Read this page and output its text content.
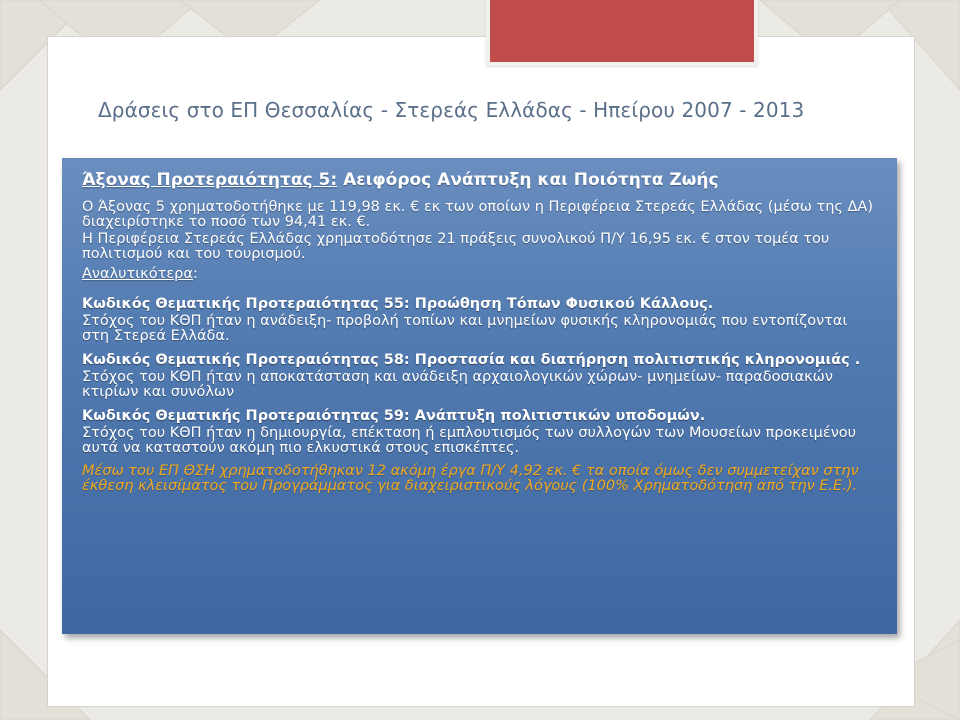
Δράσεις στο ΕΠ Θεσσαλίας - Στερεάς Ελλάδας - Ηπείρου 2007 - 2013
Άξονας Προτεραιότητας 5: Αειφόρος Ανάπτυξη και Ποιότητα Ζωής
Ο Άξονας 5 χρηματοδοτήθηκε με 119,98 εκ. € εκ των οποίων η Περιφέρεια Στερεάς Ελλάδας (μέσω της ΔΑ) διαχειρίστηκε το ποσό των 94,41 εκ. €.
Η Περιφέρεια Στερεάς Ελλάδας χρηματοδότησε 21 πράξεις συνολικού Π/Υ 16,95 εκ. € στον τομέα του πολιτισμού και του τουρισμού.
Αναλυτικότερα:
Κωδικός Θεματικής Προτεραιότητας 55: Προώθηση Τόπων Φυσικού Κάλλους.
Στόχος του ΚΘΠ ήταν η ανάδειξη- προβολή τοπίων και μνημείων φυσικής κληρονομιάς που εντοπίζονται στη Στερεά Ελλάδα.
Κωδικός Θεματικής Προτεραιότητας 58: Προστασία και διατήρηση πολιτιστικής κληρονομιάς .
Στόχος του ΚΘΠ ήταν η αποκατάσταση και ανάδειξη αρχαιολογικών χώρων- μνημείων- παραδοσιακών κτιρίων και συνόλων
Κωδικός Θεματικής Προτεραιότητας 59: Ανάπτυξη πολιτιστικών υποδομών.
Στόχος του ΚΘΠ ήταν η δημιουργία, επέκταση ή εμπλουτισμός των συλλογών των Μουσείων προκειμένου αυτά να καταστούν ακόμη πιο ελκυστικά στους επισκέπτες.
Μέσω του ΕΠ ΘΣΗ χρηματοδοτήθηκαν 12 ακόμη έργα Π/Υ 4,92 εκ. € τα οποία όμως δεν συμμετείχαν στην έκθεση κλεισίματος του Προγράμματος για διαχειριστικούς λόγους (100% Χρηματοδότηση από την Ε.Ε.).
